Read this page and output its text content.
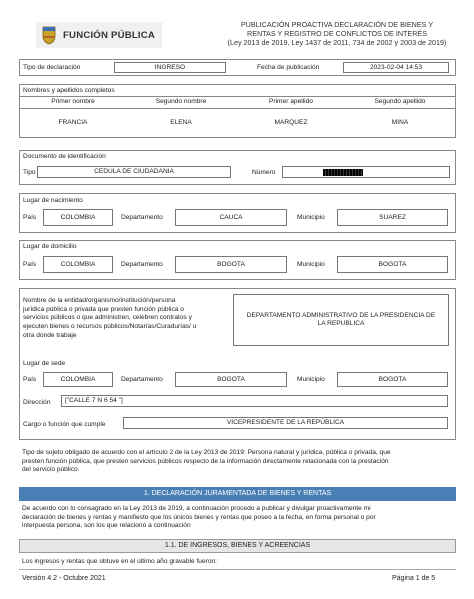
FUNCIÓN PÚBLICA
PUBLICACIÓN PROACTIVA DECLARACIÓN DE BIENES Y
RENTAS Y REGISTRO DE CONFLICTOS DE INTERÉS
(Ley 2013 de 2019, Ley 1437 de 2011, 734 de 2002 y 2003 de 2019)
Tipo de declaración	INGRESO	Fecha de publicación	2023-02-04 14:53
Nombres y apellidos completos
Primer nombre	Segundo nombre	Primer apellido	Segundo apellido
FRANCIA	ELENA	MARQUEZ	MINA
Documento de identificación
Tipo	CEDULA DE CIUDADANIA	Número
Lugar de nacimiento
País	COLOMBIA	Departamento	CAUCA	Municipio	SUAREZ
Lugar de domicilio
País	COLOMBIA	Departamento	BOGOTA	Municipio	BOGOTA
Nombre de la entidad/organismo/institución/persona
jurídica pública o privada que presten función pública o
servicios públicos o que administren, celebren contratos y
ejecuten bienes o recursos públicos/Notarías/Curadurías/ u
otra donde trabaje
DEPARTAMENTO ADMINISTRATIVO DE LA PRESIDENCIA DE
LA REPUBLICA
Lugar de sede
País	COLOMBIA	Departamento	BOGOTA	Municipio	BOGOTA
Dirección	["CALLE 7 N 6 54 "]
Cargo o función que cumple	VICEPRESIDENTE DE LA REPÚBLICA
Tipo de sujeto obligado de acuerdo con el artículo 2 de la Ley 2013 de 2019: Persona natural y jurídica, pública o privada, que
presten función pública, que presten servicios públicos respecto de la información directamente relacionada con la prestación
del servicio público.
1. DECLARACIÓN JURAMENTADA DE BIENES Y RENTAS
De acuerdo con lo consagrado en la Ley 2013 de 2019, a continuación procedo a publicar y divulgar proactivamente mi
declaración de bienes y rentas y manifiesto que los únicos bienes y rentas que poseo a la fecha, en forma personal o por
interpuesta persona, son los que relaciono a continuación
1.1. DE INGRESOS, BIENES Y ACREENCIAS
Los ingresos y rentas que obtuve en el último año gravable fueron:
Versión 4.2 - Octubre 2021	Página 1 de 5
